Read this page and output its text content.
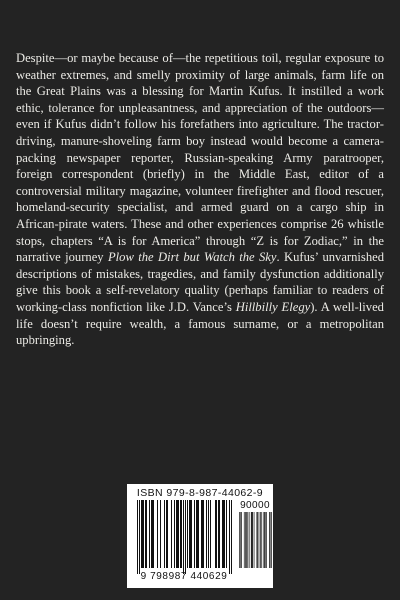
Despite—or maybe because of—the repetitious toil, regular exposure to weather extremes, and smelly proximity of large animals, farm life on the Great Plains was a blessing for Martin Kufus. It instilled a work ethic, tolerance for unpleasantness, and appreciation of the outdoors—even if Kufus didn’t follow his forefathers into agriculture. The tractor-driving, manure-shoveling farm boy instead would become a camera-packing newspaper reporter, Russian-speaking Army paratrooper, foreign correspondent (briefly) in the Middle East, editor of a controversial military magazine, volunteer firefighter and flood rescuer, homeland-security specialist, and armed guard on a cargo ship in African-pirate waters. These and other experiences comprise 26 whistle stops, chapters “A is for America” through “Z is for Zodiac,” in the narrative journey Plow the Dirt but Watch the Sky. Kufus’ unvarnished descriptions of mistakes, tragedies, and family dysfunction additionally give this book a self-revelatory quality (perhaps familiar to readers of working-class nonfiction like J.D. Vance’s Hillbilly Elegy). A well-lived life doesn’t require wealth, a famous surname, or a metropolitan upbringing.

ISBN 979-8-987-44062-9
9 798987 440629
90000
